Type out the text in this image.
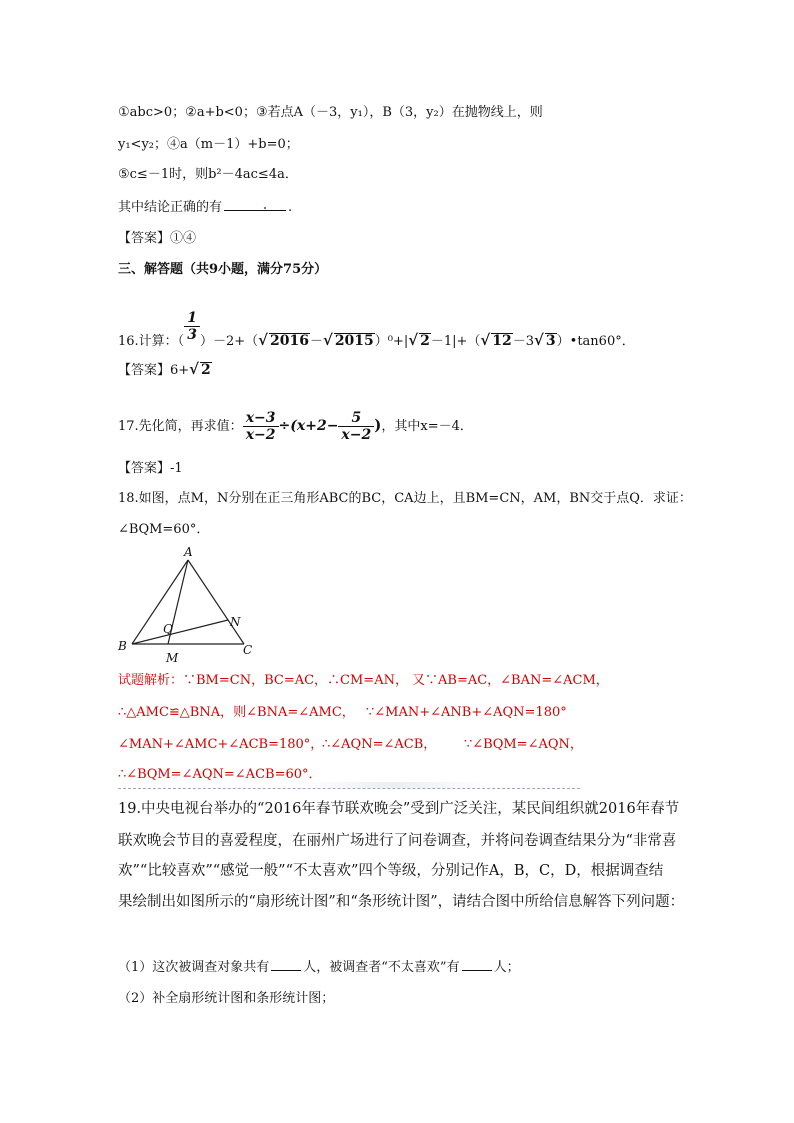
①abc>0；②a+b<0；③若点A（－3，y₁），B（3，y₂）在抛物线上，则
y₁<y₂；④a（m－1）+b=0；
⑤c≤－1时，则b²－4ac≤4a．
其中结论正确的有	.
【答案】①④
三、解答题（共9小题，满分75分）
16.计算：（ $\frac{1}{3} )-2+(√$ 2016－√ 2015）⁰+|√ 2－1|+（√ 12－3√ 3）•tan60°．
【答案】6+√ 2
17.先化简，再求值： $\frac{x-3}{x-2} \div(x+2- \frac{5}{x-2}$ )，其中x=－4．
【答案】-1
18.如图，点M，N分别在正三角形ABC的BC，CA边上，且BM=CN，AM，BN交于点Q．求证：
∠BQM=60°．
A
B	C
N
Q
M
试题解析：∵BM=CN，BC=AC，∴CM=AN， 又∵AB=AC，∠BAN=∠ACM，
∴△AMC≌△BNA，则∠BNA=∠AMC， ∵∠MAN+∠ANB+∠AQN=180°
∠MAN+∠AMC+∠ACB=180°，
∴∠AQN=∠ACB， ∵∠BQM=∠AQN，
∴∠BQM=∠AQN=∠ACB=60°．
19.中央电视台举办的“2016年春节联欢晚会”受到广泛关注，某民间组织就2016年春节
联欢晚会节目的喜爱程度，在丽州广场进行了问卷调查，并将问卷调查结果分为“非常喜
欢”“比较喜欢”“感觉一般”“不太喜欢”四个等级，分别记作A，B，C，D，根据调查结
果绘制出如图所示的“扇形统计图”和“条形统计图”，请结合图中所给信息解答下列问题：
（1）这次被调查对象共有	人，被调查者“不太喜欢”有	人；
（2）补全扇形统计图和条形统计图；
